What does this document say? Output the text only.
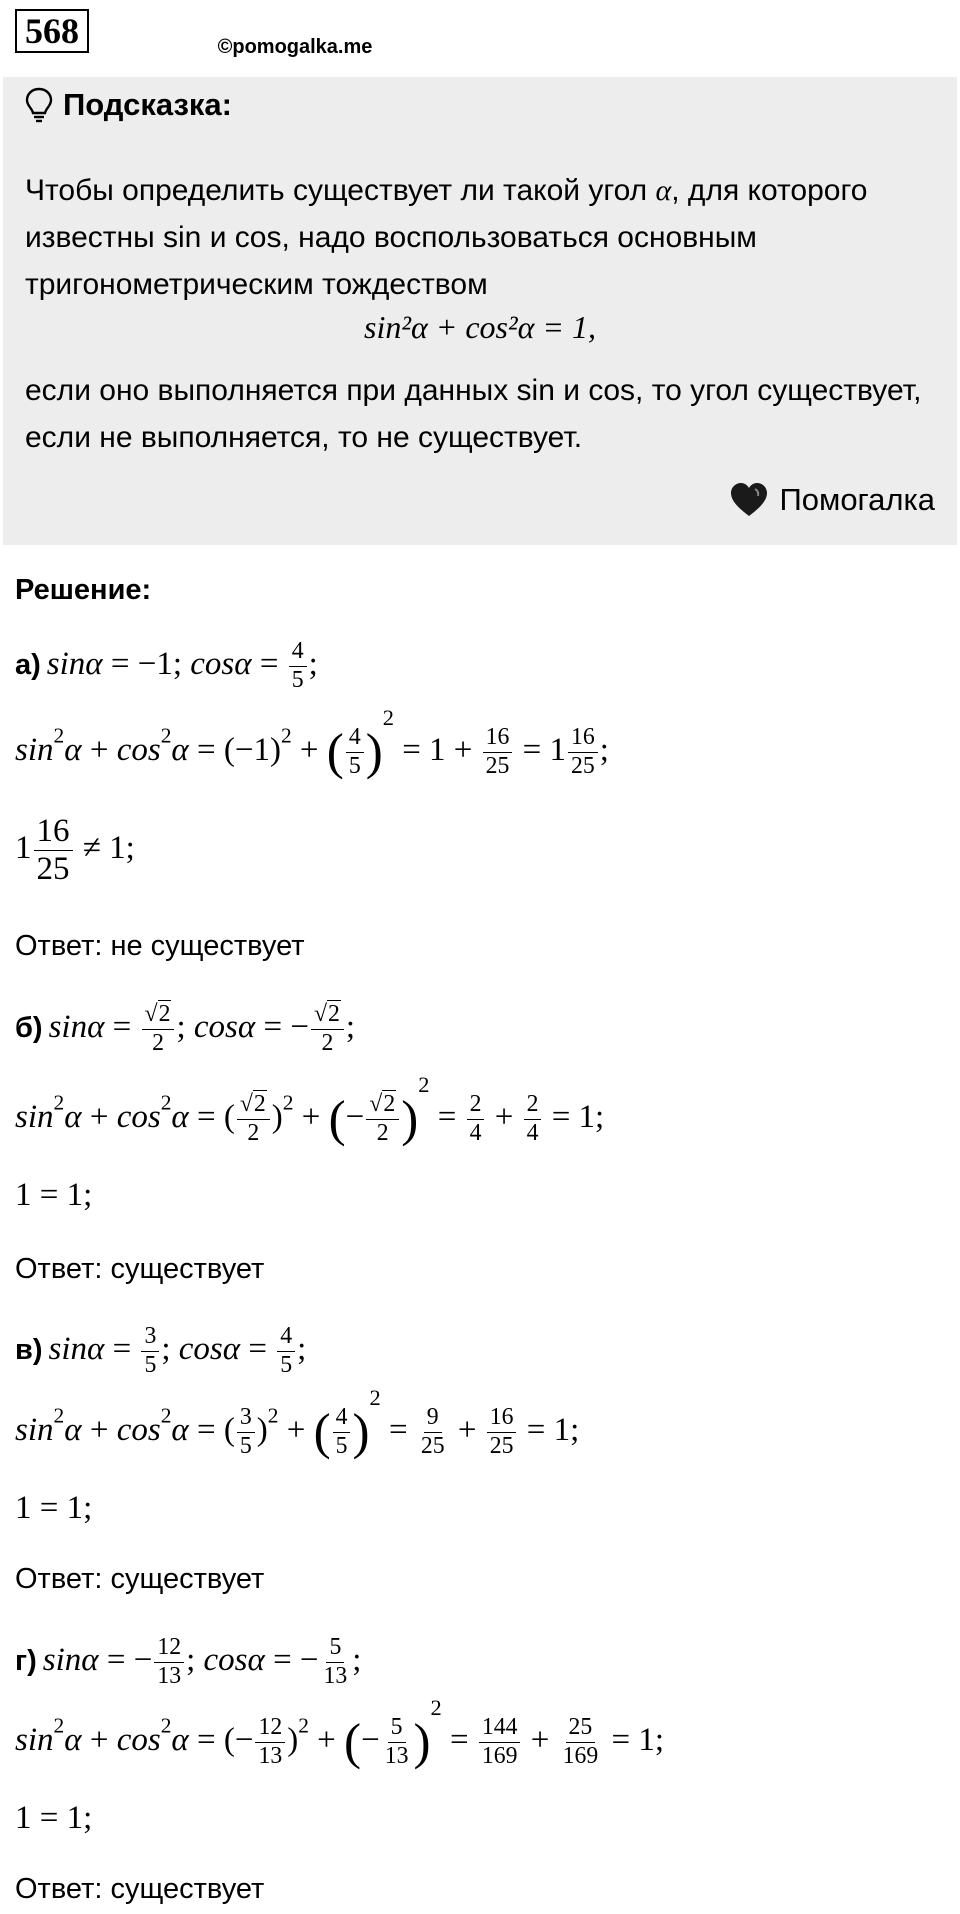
568	©pomogalka.me
Подсказка:
Чтобы определить существует ли такой угол α, для которого известны sin и cos, надо воспользоваться основным тригонометрическим тождеством
sin²α + cos²α = 1,
если оно выполняется при данных sin и cos, то угол существует, если не выполняется, то не существует.
Помогалка
Решение:
а) sinα = −1; $\cos\alpha = \frac{4}{5}$ ;
$\sin^2\alpha + \cos^2\alpha = (-1)^2$ + ( $\frac{4}{5} )^2 = 1 + \frac{16}{25} = 1 \frac{16}{25}$ ;
$1 \frac{16}{25} \ne 1$;
Ответ: не существует
б) $\sin\alpha = \frac{√2}{2}$ ; cosα = − $\frac{√2}{2}$ ;
$\sin^2\alpha + \cos^2\alpha$ = ( $\frac{√2}{2} )^2$ + (− $\frac{√2}{2} )^2 = \frac{2}{4} + \frac{2}{4} = 1$;
1 = 1;
Ответ: существует
в) $\sin\alpha = \frac{3}{5}$ ; $\cos\alpha = \frac{4}{5}$ ;
$\sin^2\alpha + \cos^2\alpha$ = ( $\frac{3}{5} )^2$ + ( $\frac{4}{5} )^2 = \frac{9}{25} + \frac{16}{25} = 1$;
1 = 1;
Ответ: существует
г) sinα = − $\frac{12}{13}$ ; cosα = − $\frac{5}{13}$ ;
$\sin^2\alpha + \cos^2\alpha$ = (− $\frac{12}{13} )^2$ + (− $\frac{5}{13} )^2 = \frac{144}{169} + \frac{25}{169} = 1$;
1 = 1;
Ответ: существует
